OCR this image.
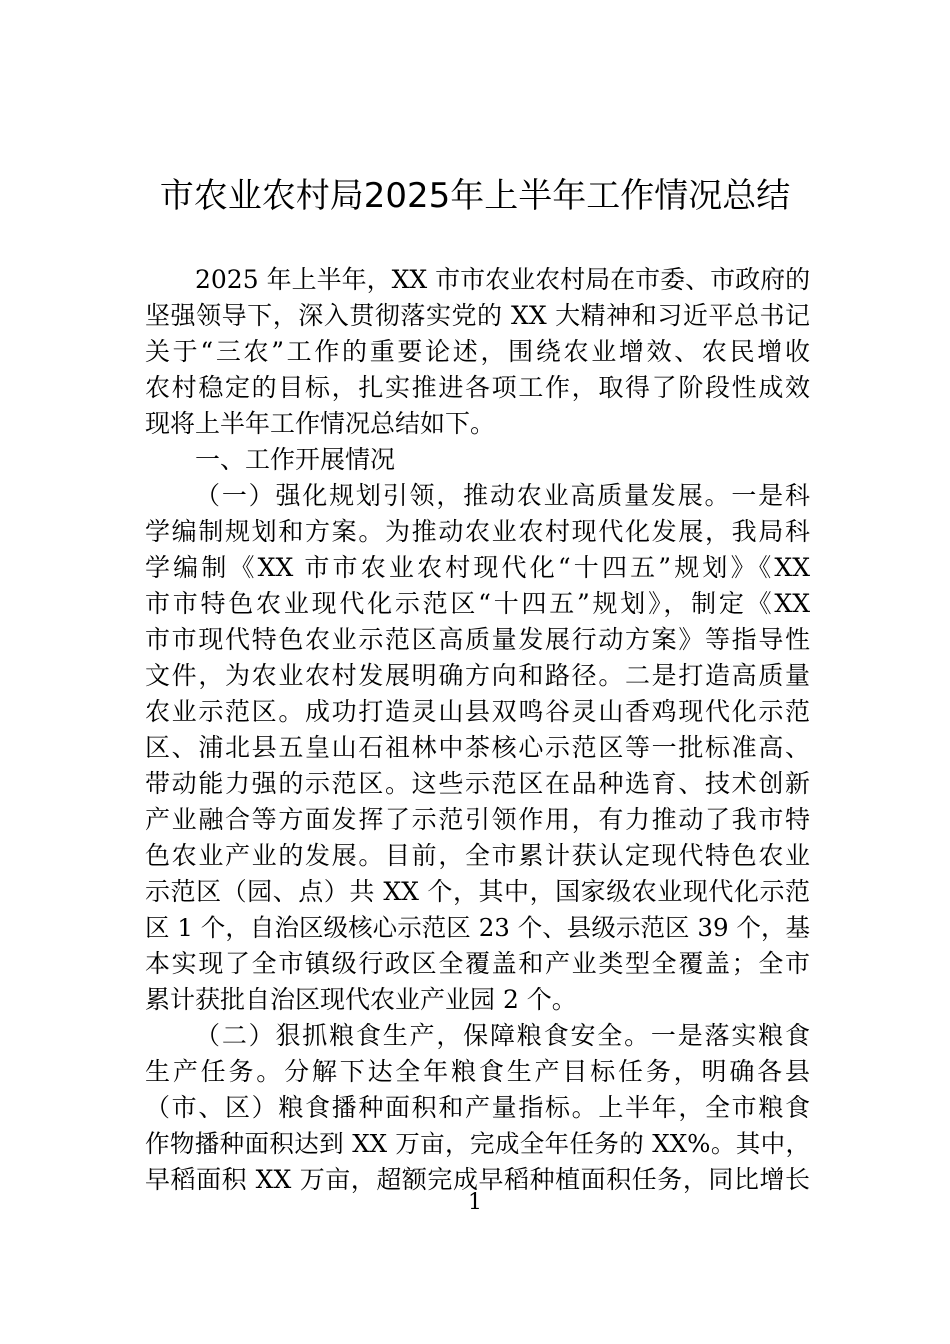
市农业农村局2025年上半年工作情况总结
2025 年上半年，XX 市市农业农村局在市委、市政府的
坚强领导下，深入贯彻落实党的 XX 大精神和习近平总书记
关于“三农”工作的重要论述，围绕农业增效、农民增收
农村稳定的目标，扎实推进各项工作，取得了阶段性成效
现将上半年工作情况总结如下。
一、工作开展情况
（一）强化规划引领，推动农业高质量发展。一是科
学编制规划和方案。为推动农业农村现代化发展，我局科
学编制《XX 市市农业农村现代化“十四五”规划》《XX
市市特色农业现代化示范区“十四五”规划》，制定《XX
市市现代特色农业示范区高质量发展行动方案》等指导性
文件，为农业农村发展明确方向和路径。二是打造高质量
农业示范区。成功打造灵山县双鸣谷灵山香鸡现代化示范
区、浦北县五皇山石祖林中茶核心示范区等一批标准高、
带动能力强的示范区。这些示范区在品种选育、技术创新
产业融合等方面发挥了示范引领作用，有力推动了我市特
色农业产业的发展。目前，全市累计获认定现代特色农业
示范区（园、点）共 XX 个，其中，国家级农业现代化示范
区 1 个，自治区级核心示范区 23 个、县级示范区 39 个，基
本实现了全市镇级行政区全覆盖和产业类型全覆盖；全市
累计获批自治区现代农业产业园 2 个。
（二）狠抓粮食生产，保障粮食安全。一是落实粮食
生产任务。分解下达全年粮食生产目标任务，明确各县
（市、区）粮食播种面积和产量指标。上半年，全市粮食
作物播种面积达到 XX 万亩，完成全年任务的 XX%。其中，
早稻面积 XX 万亩，超额完成早稻种植面积任务，同比增长
1
